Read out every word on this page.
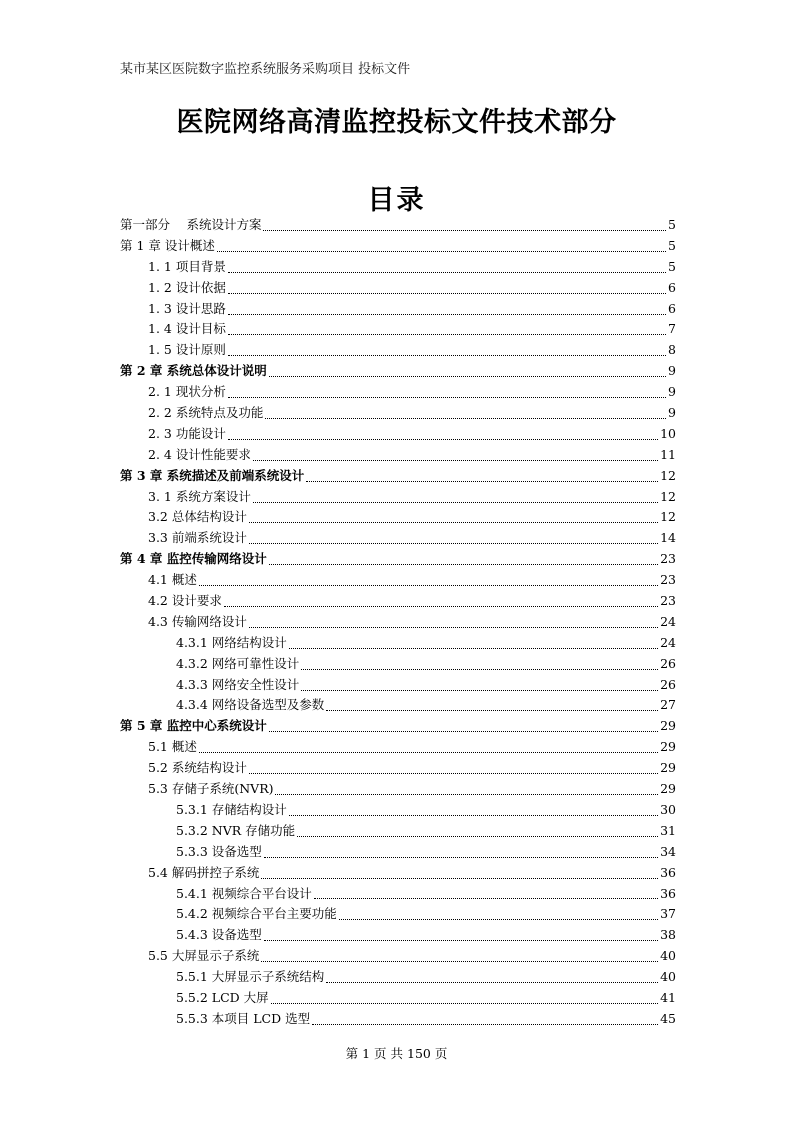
某市某区医院数字监控系统服务采购项目 投标文件
医院网络高清监控投标文件技术部分
目录
第一部分　 系统设计方案	5
第 1 章 设计概述	5
1. 1 项目背景	5
1. 2 设计依据	6
1. 3 设计思路	6
1. 4 设计目标	7
1. 5 设计原则	8
第 2 章 系统总体设计说明	9
2. 1 现状分析	9
2. 2 系统特点及功能	9
2. 3 功能设计	10
2. 4 设计性能要求	11
第 3 章 系统描述及前端系统设计	12
3. 1 系统方案设计	12
3.2 总体结构设计	12
3.3 前端系统设计	14
第 4 章 监控传输网络设计	23
4.1 概述	23
4.2 设计要求	23
4.3 传输网络设计	24
4.3.1 网络结构设计	24
4.3.2 网络可靠性设计	26
4.3.3 网络安全性设计	26
4.3.4 网络设备选型及参数	27
第 5 章 监控中心系统设计	29
5.1 概述	29
5.2 系统结构设计	29
5.3 存储子系统(NVR)	29
5.3.1 存储结构设计	30
5.3.2 NVR 存储功能	31
5.3.3 设备选型	34
5.4 解码拼控子系统	36
5.4.1 视频综合平台设计	36
5.4.2 视频综合平台主要功能	37
5.4.3 设备选型	38
5.5 大屏显示子系统	40
5.5.1 大屏显示子系统结构	40
5.5.2 LCD 大屏	41
5.5.3 本项目 LCD 选型	45
第 1 页 共 150 页
